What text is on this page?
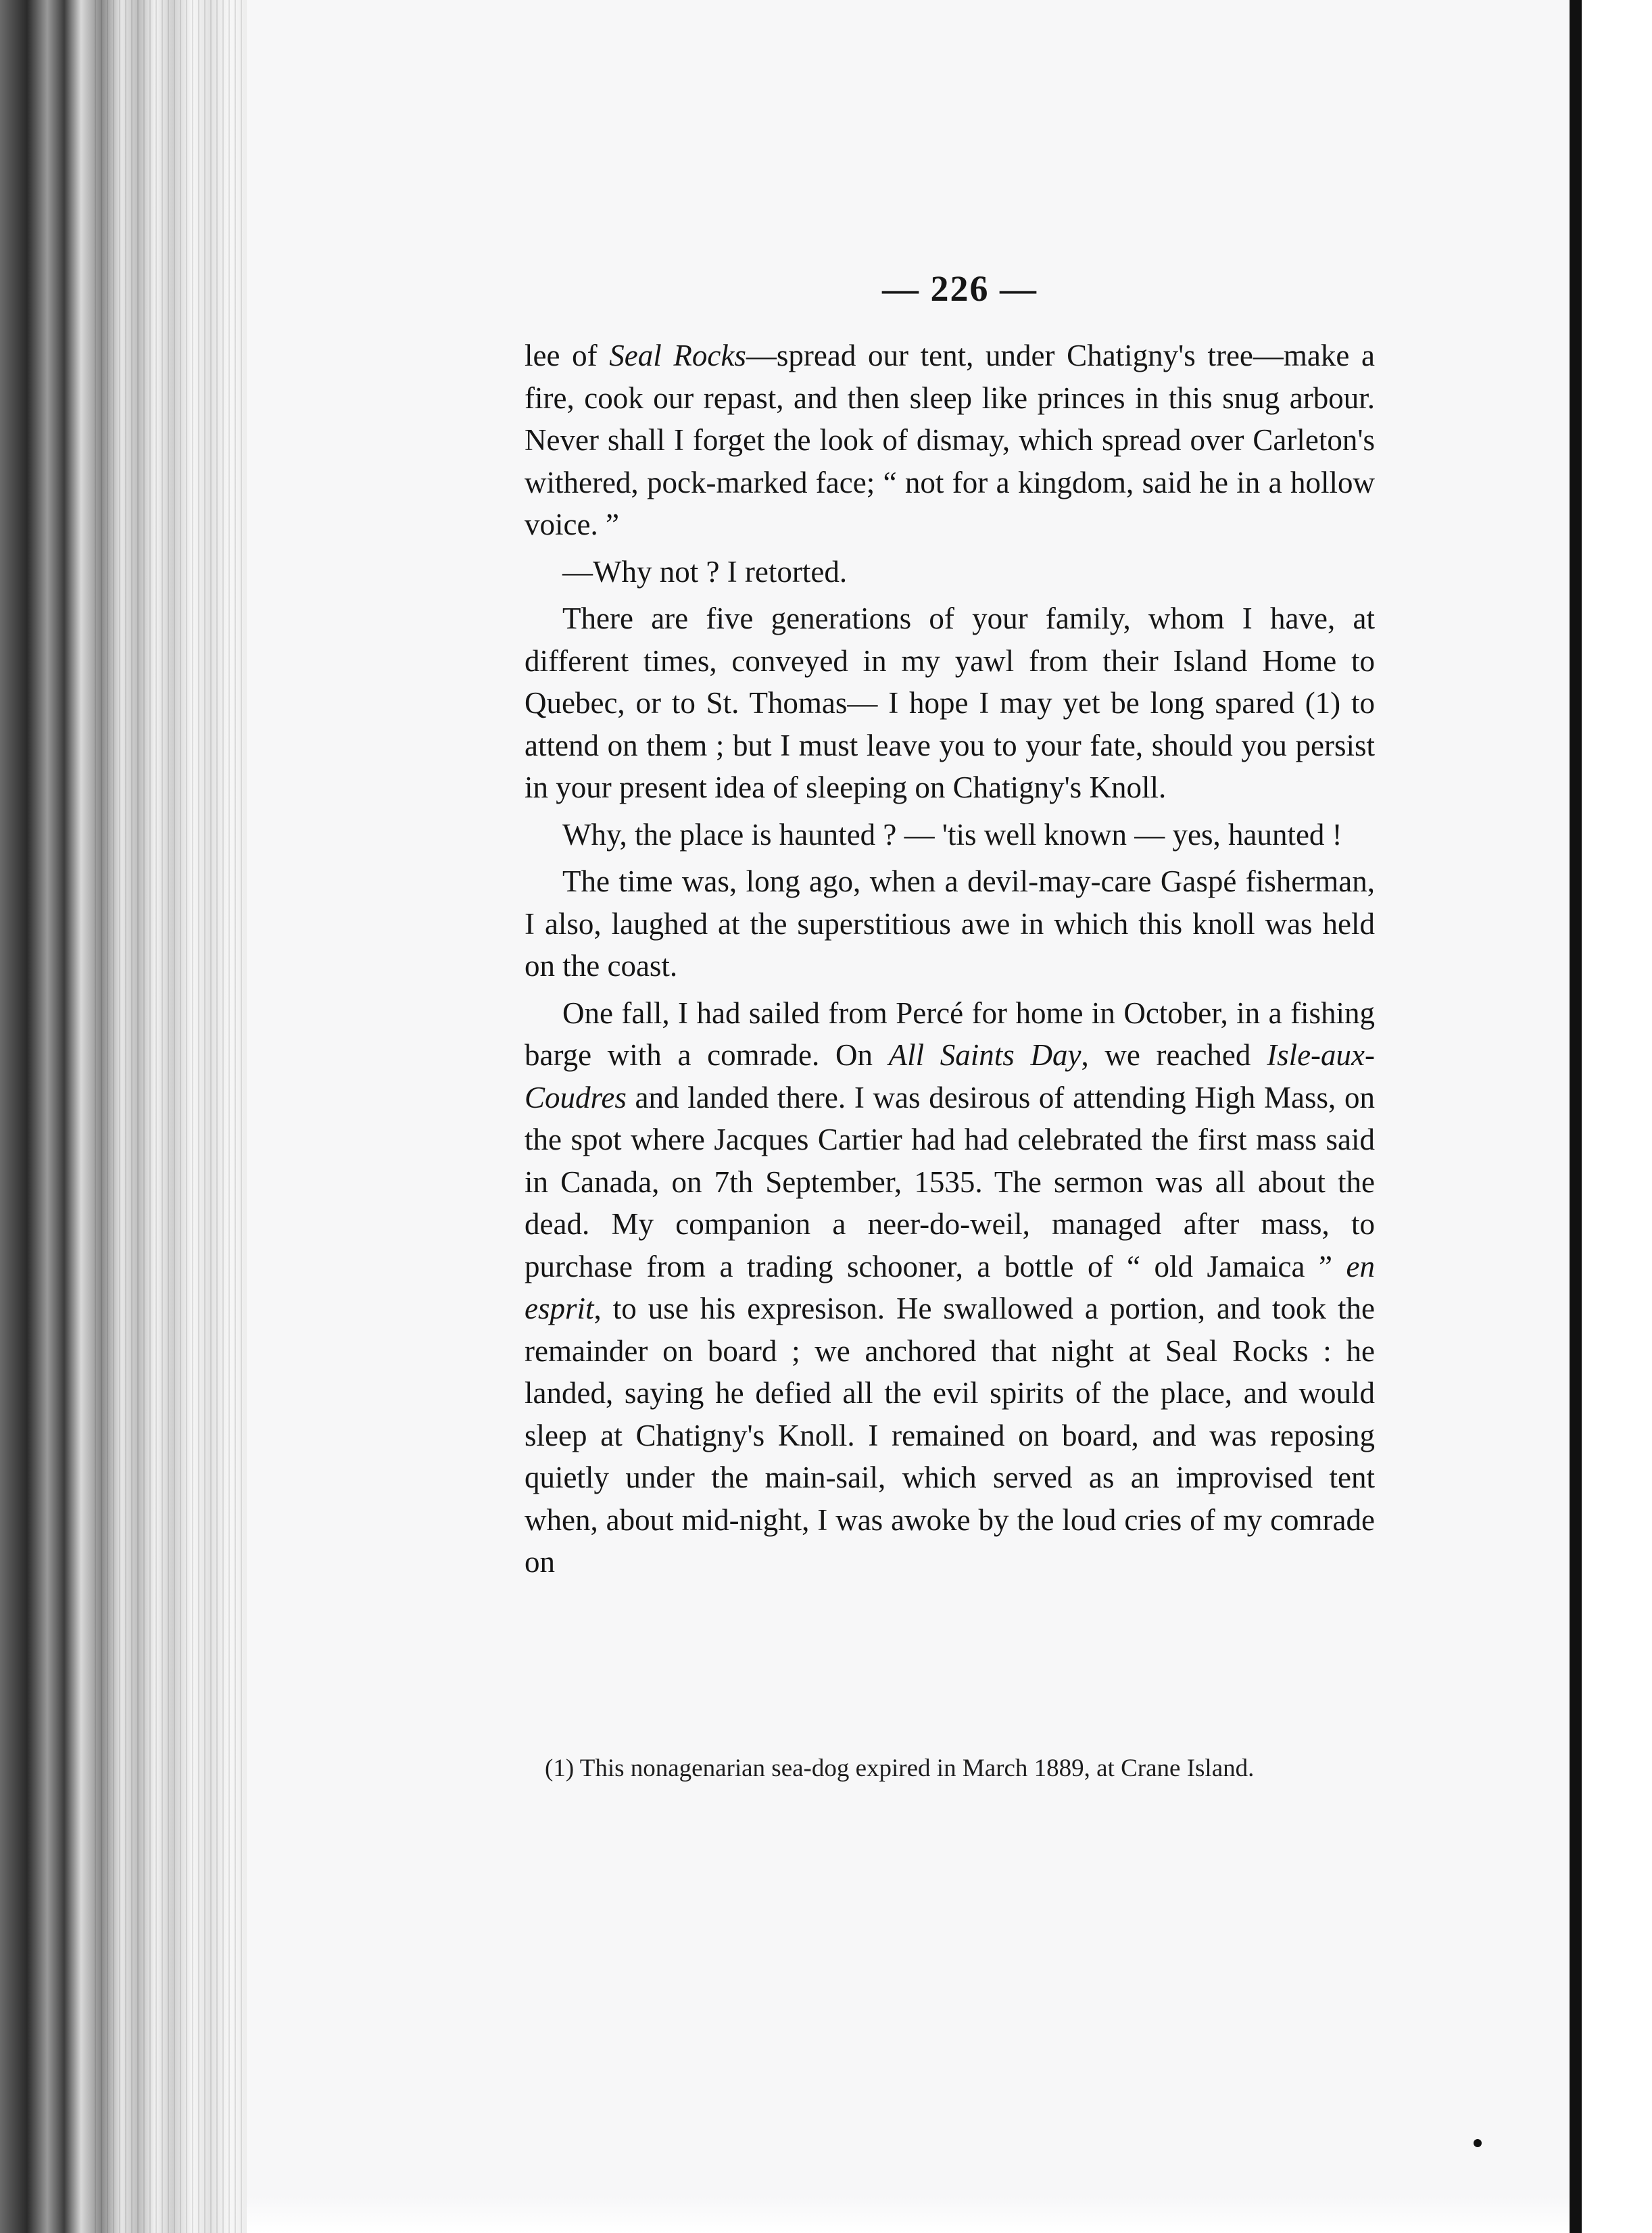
— 226 —

lee of Seal Rocks—spread our tent, under Chatigny's tree—make a fire, cook our repast, and then sleep like princes in this snug arbour. Never shall I forget the look of dismay, which spread over Carleton's withered, pock-marked face; “ not for a kingdom, said he in a hollow voice. ”

—Why not ? I retorted.

There are five generations of your family, whom I have, at different times, conveyed in my yawl from their Island Home to Quebec, or to St. Thomas— I hope I may yet be long spared (1) to attend on them ; but I must leave you to your fate, should you persist in your present idea of sleeping on Chatigny's Knoll.

Why, the place is haunted ? — 'tis well known — yes, haunted !

The time was, long ago, when a devil-may-care Gaspé fisherman, I also, laughed at the superstitious awe in which this knoll was held on the coast.

One fall, I had sailed from Percé for home in October, in a fishing barge with a comrade. On All Saints Day, we reached Isle-aux-Coudres and landed there. I was desirous of attending High Mass, on the spot where Jacques Cartier had had celebrated the first mass said in Canada, on 7th September, 1535. The sermon was all about the dead. My companion a neer-do-weil, managed after mass, to purchase from a trading schooner, a bottle of “ old Jamaica ” en esprit, to use his expresison. He swallowed a portion, and took the remainder on board ; we anchored that night at Seal Rocks : he landed, saying he defied all the evil spirits of the place, and would sleep at Chatigny's Knoll. I remained on board, and was reposing quietly under the main-sail, which served as an improvised tent when, about mid-night, I was awoke by the loud cries of my comrade on

(1) This nonagenarian sea-dog expired in March 1889, at Crane Island.
